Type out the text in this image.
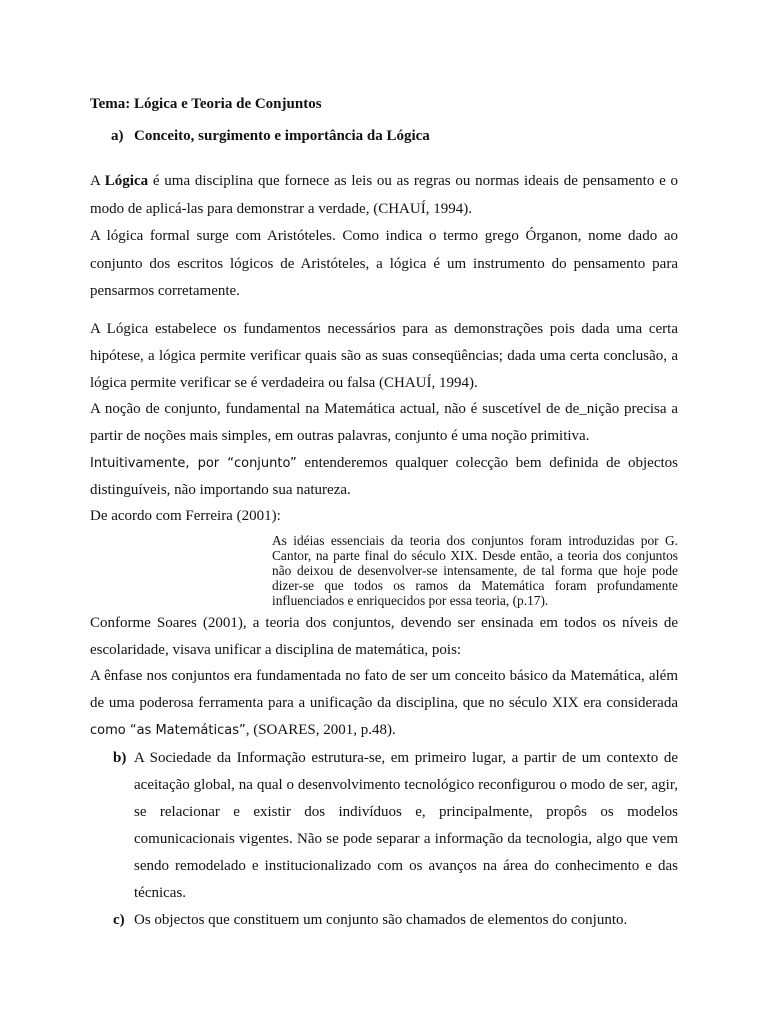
Tema: Lógica e Teoria de Conjuntos
a) Conceito, surgimento e importância da Lógica
A Lógica é uma disciplina que fornece as leis ou as regras ou normas ideais de pensamento e o
modo de aplicá-las para demonstrar a verdade, (CHAUÍ, 1994).
A lógica formal surge com Aristóteles. Como indica o termo grego Órganon, nome dado ao
conjunto dos escritos lógicos de Aristóteles, a lógica é um instrumento do pensamento para
pensarmos corretamente.
A Lógica estabelece os fundamentos necessários para as demonstrações pois dada uma certa
hipótese, a lógica permite verificar quais são as suas conseqüências; dada uma certa conclusão, a
lógica permite verificar se é verdadeira ou falsa (CHAUÍ, 1994).
A noção de conjunto, fundamental na Matemática actual, não é suscetível de de_nição precisa a
partir de noções mais simples, em outras palavras, conjunto é uma noção primitiva.
Intuitivamente, por “conjunto” entenderemos qualquer colecção bem definida de objectos
distinguíveis, não importando sua natureza.
De acordo com Ferreira (2001):
As idéias essenciais da teoria dos conjuntos foram introduzidas por G.
Cantor, na parte final do século XIX. Desde então, a teoria dos conjuntos
não deixou de desenvolver-se intensamente, de tal forma que hoje pode
dizer-se que todos os ramos da Matemática foram profundamente
influenciados e enriquecidos por essa teoria, (p.17).
Conforme Soares (2001), a teoria dos conjuntos, devendo ser ensinada em todos os níveis de
escolaridade, visava unificar a disciplina de matemática, pois:
A ênfase nos conjuntos era fundamentada no fato de ser um conceito básico da Matemática, além
de uma poderosa ferramenta para a unificação da disciplina, que no século XIX era considerada
como “as Matemáticas”, (SOARES, 2001, p.48).
b) A Sociedade da Informação estrutura-se, em primeiro lugar, a partir de um contexto de
aceitação global, na qual o desenvolvimento tecnológico reconfigurou o modo de ser, agir,
se relacionar e existir dos indivíduos e, principalmente, propôs os modelos
comunicacionais vigentes. Não se pode separar a informação da tecnologia, algo que vem
sendo remodelado e institucionalizado com os avanços na área do conhecimento e das
técnicas.
c) Os objectos que constituem um conjunto são chamados de elementos do conjunto.
